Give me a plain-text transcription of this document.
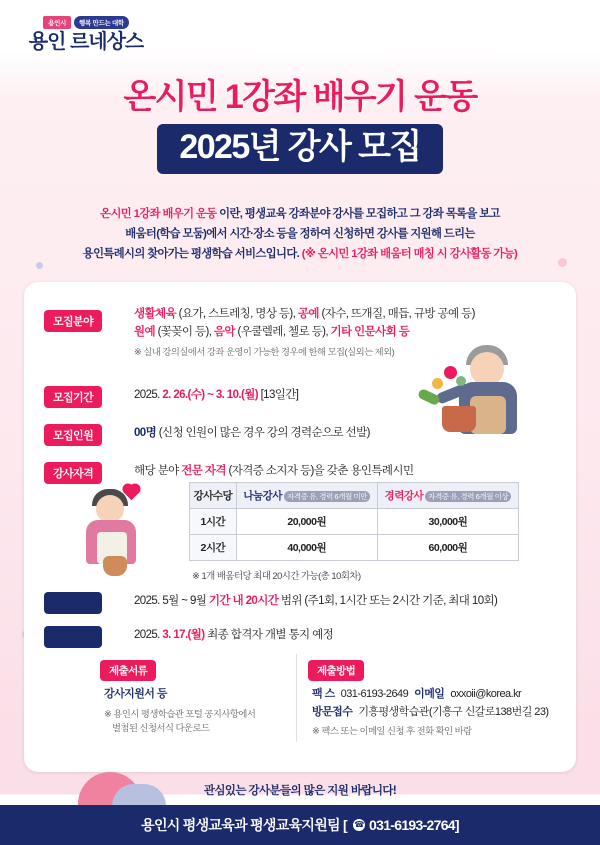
용인시 행복 만드는 대학
용인 르네상스
온시민 1강좌 배우기 운동
2025년 강사 모집
온시민 1강좌 배우기 운동 이란, 평생교육 강좌분야 강사를 모집하고 그 강좌 목록을 보고
배움터(학습 모둠)에서 시간·장소 등을 정하여 신청하면 강사를 지원해 드리는
용인특례시의 찾아가는 평생학습 서비스입니다. (※ 온시민 1강좌 배움터 매칭 시 강사활동 가능)
모집분야
생활체육 (요가, 스트레칭, 명상 등), 공예 (자수, 뜨개질, 매듭, 규방 공예 등)
원예 (꽃꽂이 등), 음악 (우쿨렐레, 첼로 등), 기타 인문사회 등
※ 실내 강의실에서 강좌 운영이 가능한 경우에 한해 모집(실외는 제외)
모집기간	2025. 2. 26.(수) ~ 3. 10.(월) [13일간]
모집인원	00명 (신청 인원이 많은 경우 강의 경력순으로 선발)
강사자격	해당 분야 전문 자격 (자격증 소지자 등)을 갖춘 용인특례시민
강사수당	나눔강사 자격증 유, 경력 6개월 미만	경력강사 자격증 유, 경력 6개월 이상
1시간	20,000원	30,000원
2시간	40,000원	60,000원
※ 1개 배움터당 최대 20시간 가능(총 10회차)
강의기간	2025. 5월 ~ 9월 기간 내 20시간 범위 (주1회, 1시간 또는 2시간 기준, 최대 10회)
최종합격	2025. 3. 17.(월) 최종 합격자 개별 통지 예정
제출서류
강사지원서 등
※ 용인시 평생학습관 포털 공지사항에서
별첨된 신청서식 다운로드
제출방법
팩 스 031-6193-2649 이메일 oxxoii@korea.kr
방문접수 기흥평생학습관(기흥구 신갈로138번길 23)
※ 팩스 또는 이메일 신청 후 전화 확인 바람
관심있는 강사분들의 많은 지원 바랍니다!
용인시 평생교육과 평생교육지원팀 [ ☎ 031-6193-2764 ]
